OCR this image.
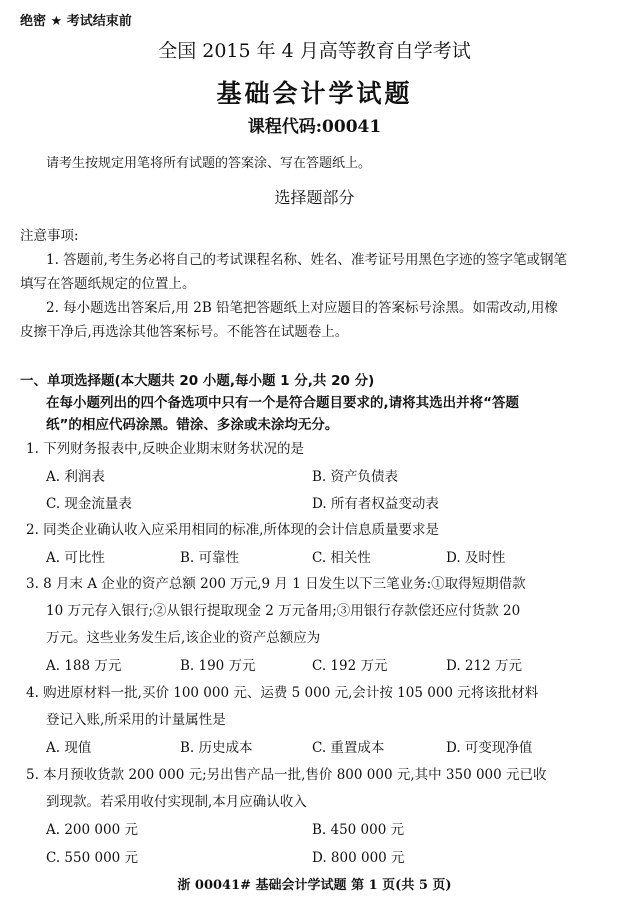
绝密 ★ 考试结束前
全国 2015 年 4 月高等教育自学考试
基础会计学试题
课程代码:00041
请考生按规定用笔将所有试题的答案涂、写在答题纸上。
选择题部分
注意事项:
1. 答题前,考生务必将自己的考试课程名称、姓名、准考证号用黑色字迹的签字笔或钢笔
填写在答题纸规定的位置上。
2. 每小题选出答案后,用 2B 铅笔把答题纸上对应题目的答案标号涂黑。如需改动,用橡
皮擦干净后,再选涂其他答案标号。不能答在试题卷上。
一、单项选择题(本大题共 20 小题,每小题 1 分,共 20 分)
在每小题列出的四个备选项中只有一个是符合题目要求的,请将其选出并将“答题
纸”的相应代码涂黑。错涂、多涂或未涂均无分。
1. 下列财务报表中,反映企业期末财务状况的是
A. 利润表	B. 资产负债表
C. 现金流量表	D. 所有者权益变动表
2. 同类企业确认收入应采用相同的标准,所体现的会计信息质量要求是
A. 可比性	B. 可靠性	C. 相关性	D. 及时性
3. 8 月末 A 企业的资产总额 200 万元,9 月 1 日发生以下三笔业务:①取得短期借款
10 万元存入银行;②从银行提取现金 2 万元备用;③用银行存款偿还应付货款 20
万元。这些业务发生后,该企业的资产总额应为
A. 188 万元	B. 190 万元	C. 192 万元	D. 212 万元
4. 购进原材料一批,买价 100 000 元、运费 5 000 元,会计按 105 000 元将该批材料
登记入账,所采用的计量属性是
A. 现值	B. 历史成本	C. 重置成本	D. 可变现净值
5. 本月预收货款 200 000 元;另出售产品一批,售价 800 000 元,其中 350 000 元已收
到现款。若采用收付实现制,本月应确认收入
A. 200 000 元	B. 450 000 元
C. 550 000 元	D. 800 000 元
浙 00041# 基础会计学试题 第 1 页(共 5 页)
